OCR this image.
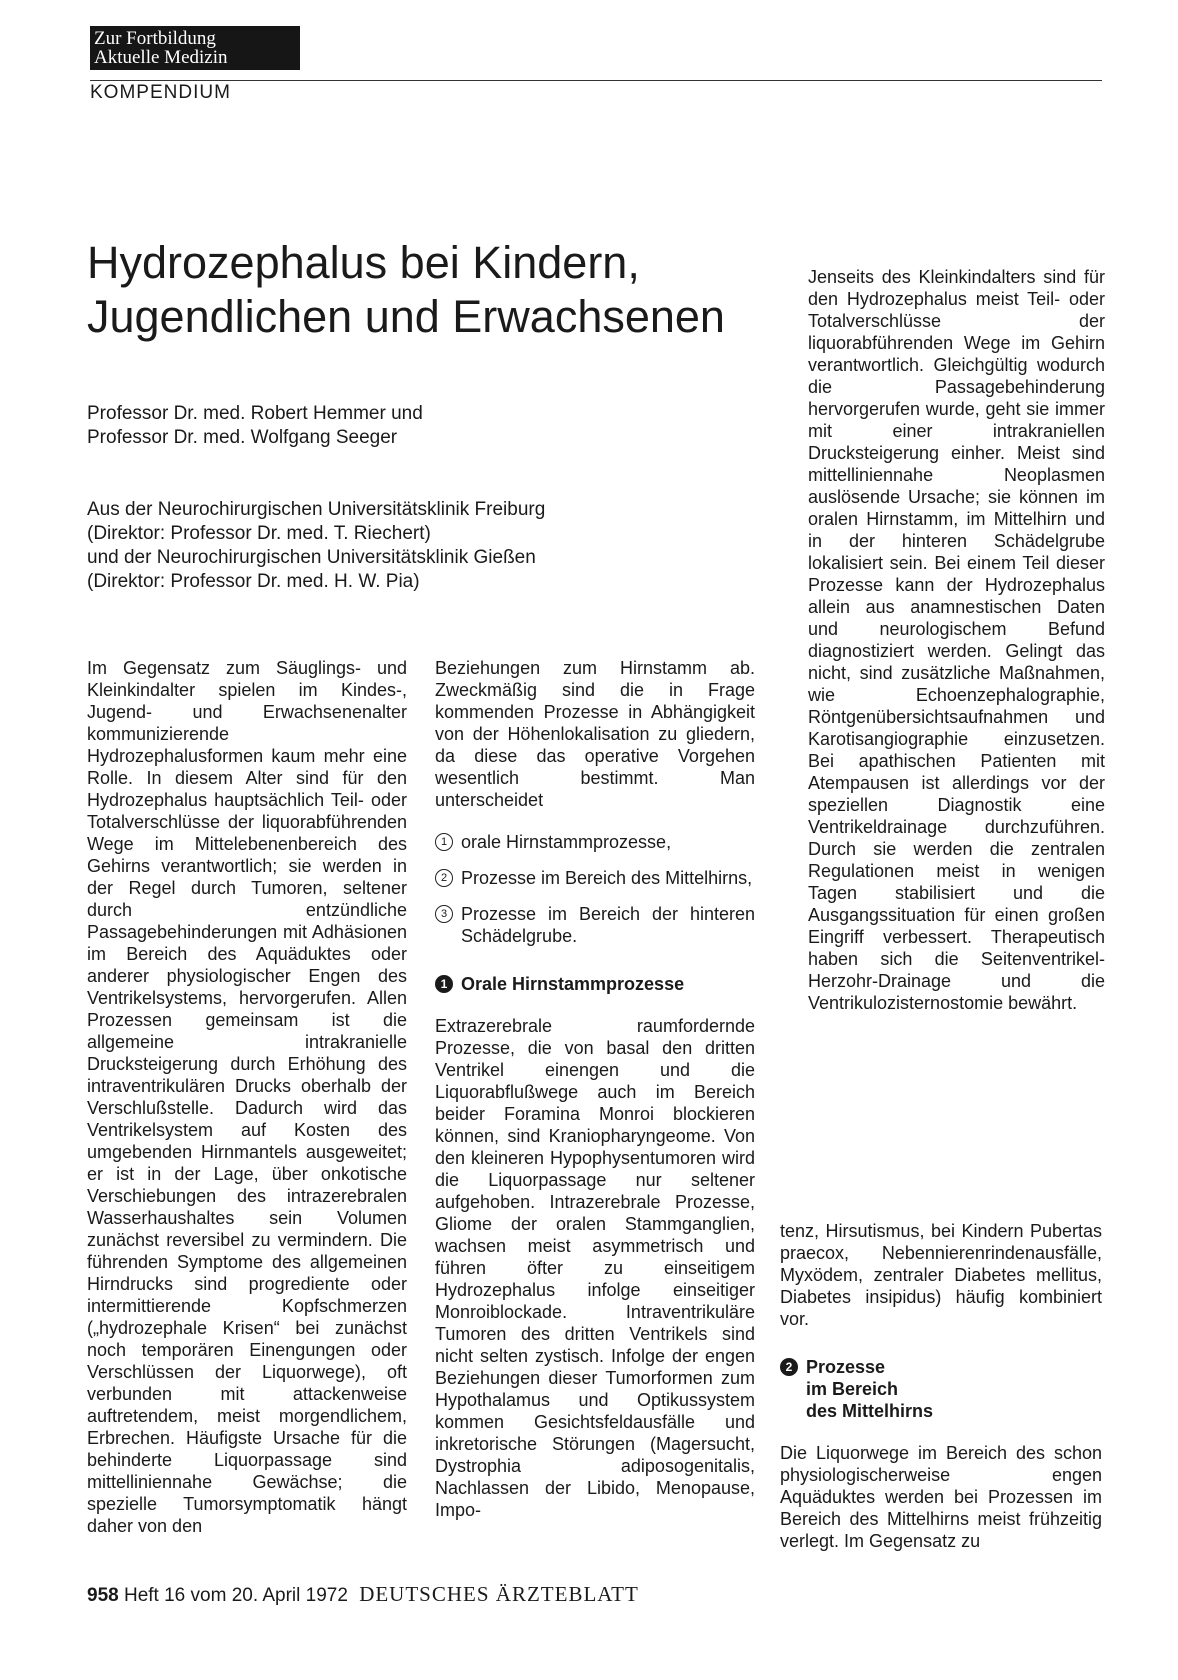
Zur Fortbildung
Aktuelle Medizin
KOMPENDIUM
Hydrozephalus bei Kindern,
Jugendlichen und Erwachsenen
Professor Dr. med. Robert Hemmer und
Professor Dr. med. Wolfgang Seeger
Aus der Neurochirurgischen Universitätsklinik Freiburg
(Direktor: Professor Dr. med. T. Riechert)
und der Neurochirurgischen Universitätsklinik Gießen
(Direktor: Professor Dr. med. H. W. Pia)

Im Gegensatz zum Säuglings- und Kleinkindalter spielen im Kindes-, Jugend- und Erwachsenenalter kommunizierende Hydrozephalusformen kaum mehr eine Rolle. In diesem Alter sind für den Hydrozephalus hauptsächlich Teil- oder Totalverschlüsse der liquorabführenden Wege im Mittelebenenbereich des Gehirns verantwortlich; sie werden in der Regel durch Tumoren, seltener durch entzündliche Passagebehinderungen mit Adhäsionen im Bereich des Aquäduktes oder anderer physiologischer Engen des Ventrikelsystems, hervorgerufen. Allen Prozessen gemeinsam ist die allgemeine intrakranielle Drucksteigerung durch Erhöhung des intraventrikulären Drucks oberhalb der Verschlußstelle. Dadurch wird das Ventrikelsystem auf Kosten des umgebenden Hirnmantels ausgeweitet; er ist in der Lage, über onkotische Verschiebungen des intrazerebralen Wasserhaushaltes sein Volumen zunächst reversibel zu vermindern. Die führenden Symptome des allgemeinen Hirndrucks sind progrediente oder intermittierende Kopfschmerzen („hydrozephale Krisen“ bei zunächst noch temporären Einengungen oder Verschlüssen der Liquorwege), oft verbunden mit attackenweise auftretendem, meist morgendlichem, Erbrechen. Häufigste Ursache für die behinderte Liquorpassage sind mittelliniennahe Gewächse; die spezielle Tumorsymptomatik hängt daher von den

Beziehungen zum Hirnstamm ab. Zweckmäßig sind die in Frage kommenden Prozesse in Abhängigkeit von der Höhenlokalisation zu gliedern, da diese das operative Vorgehen wesentlich bestimmt. Man unterscheidet

1 orale Hirnstammprozesse,
2 Prozesse im Bereich des Mittelhirns,
3 Prozesse im Bereich der hinteren Schädelgrube.
1 Orale Hirnstammprozesse

Extrazerebrale raumfordernde Prozesse, die von basal den dritten Ventrikel einengen und die Liquorabflußwege auch im Bereich beider Foramina Monroi blockieren können, sind Kraniopharyngeome. Von den kleineren Hypophysentumoren wird die Liquorpassage nur seltener aufgehoben. Intrazerebrale Prozesse, Gliome der oralen Stammganglien, wachsen meist asymmetrisch und führen öfter zu einseitigem Hydrozephalus infolge einseitiger Monroiblockade. Intraventrikuläre Tumoren des dritten Ventrikels sind nicht selten zystisch. Infolge der engen Beziehungen dieser Tumorformen zum Hypothalamus und Optikussystem kommen Gesichtsfeldausfälle und inkretorische Störungen (Magersucht, Dystrophia adiposogenitalis, Nachlassen der Libido, Menopause, Impo-

Jenseits des Kleinkindalters sind für den Hydrozephalus meist Teil- oder Totalverschlüsse der liquorabführenden Wege im Gehirn verantwortlich. Gleichgültig wodurch die Passagebehinderung hervorgerufen wurde, geht sie immer mit einer intrakraniellen Drucksteigerung einher. Meist sind mittelliniennahe Neoplasmen auslösende Ursache; sie können im oralen Hirnstamm, im Mittelhirn und in der hinteren Schädelgrube lokalisiert sein. Bei einem Teil dieser Prozesse kann der Hydrozephalus allein aus anamnestischen Daten und neurologischem Befund diagnostiziert werden. Gelingt das nicht, sind zusätzliche Maßnahmen, wie Echoenzephalographie, Röntgenübersichtsaufnahmen und Karotisangiographie einzusetzen. Bei apathischen Patienten mit Atempausen ist allerdings vor der speziellen Diagnostik eine Ventrikeldrainage durchzuführen. Durch sie werden die zentralen Regulationen meist in wenigen Tagen stabilisiert und die Ausgangssituation für einen großen Eingriff verbessert. Therapeutisch haben sich die Seitenventrikel-Herzohr-Drainage und die Ventrikulozisternostomie bewährt.

tenz, Hirsutismus, bei Kindern Pubertas praecox, Nebennierenrindenausfälle, Myxödem, zentraler Diabetes mellitus, Diabetes insipidus) häufig kombiniert vor.

2 Prozesse
im Bereich
des Mittelhirns

Die Liquorwege im Bereich des schon physiologischerweise engen Aquäduktes werden bei Prozessen im Bereich des Mittelhirns meist frühzeitig verlegt. Im Gegensatz zu

958 Heft 16 vom 20. April 1972 DEUTSCHES ÄRZTEBLATT
